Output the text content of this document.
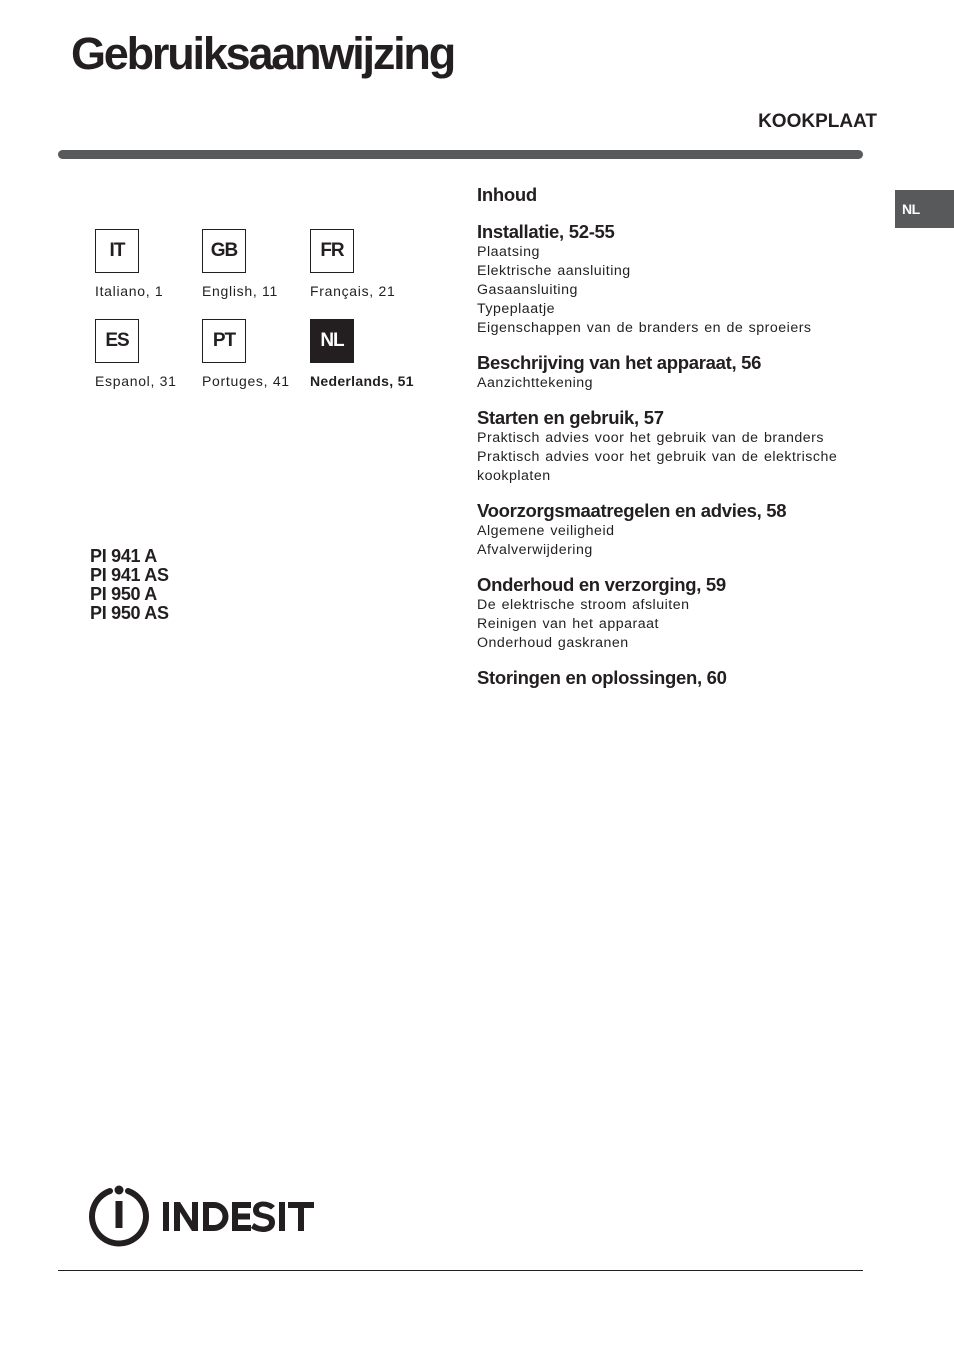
Gebruiksaanwijzing
KOOKPLAAT
NL
IT
Italiano, 1
GB
English, 11
FR
Français, 21
ES
Espanol, 31
PT
Portuges, 41
NL
Nederlands, 51
PI 941 A
PI 941 AS
PI 950 A
PI 950 AS
Inhoud
Installatie, 52-55
Plaatsing
Elektrische aansluiting
Gasaansluiting
Typeplaatje
Eigenschappen van de branders en de sproeiers
Beschrijving van het apparaat, 56
Aanzichttekening
Starten en gebruik, 57
Praktisch advies voor het gebruik van de branders
Praktisch advies voor het gebruik van de elektrische kookplaten
Voorzorgsmaatregelen en advies, 58
Algemene veiligheid
Afvalverwijdering
Onderhoud en verzorging, 59
De elektrische stroom afsluiten
Reinigen van het apparaat
Onderhoud gaskranen
Storingen en oplossingen, 60
